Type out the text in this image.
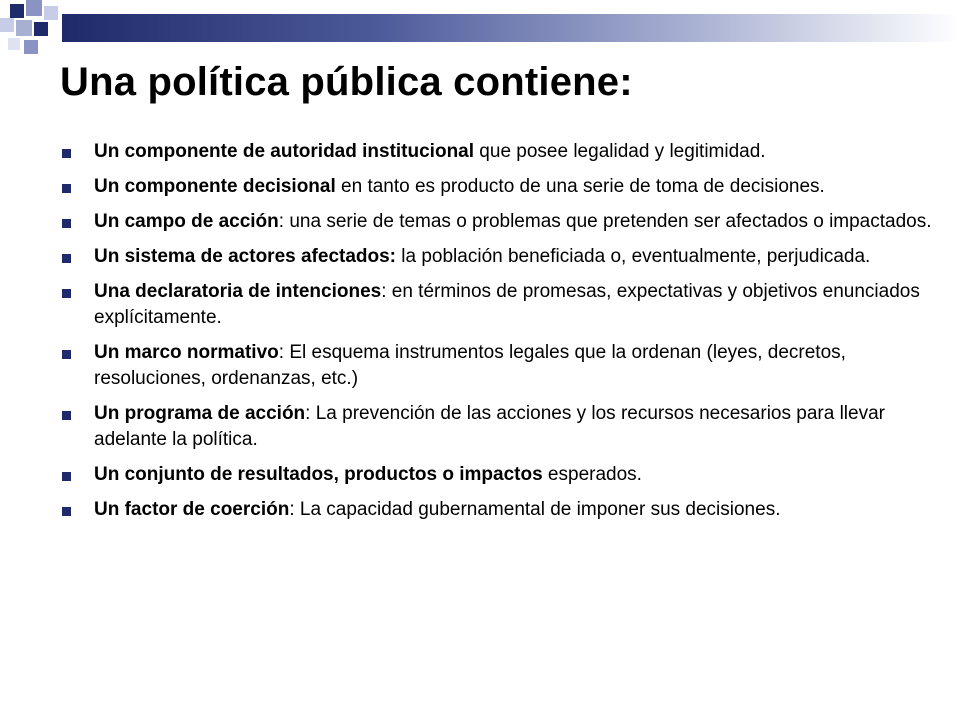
Una política pública contiene:
Un componente de autoridad institucional que posee legalidad y legitimidad.
Un componente decisional en tanto es producto de una serie de toma de decisiones.
Un campo de acción: una serie de temas o problemas que pretenden ser afectados o impactados.
Un sistema de actores afectados: la población beneficiada o, eventualmente, perjudicada.
Una declaratoria de intenciones: en términos de promesas, expectativas y objetivos enunciados explícitamente.
Un marco normativo: El esquema instrumentos legales que la ordenan (leyes, decretos, resoluciones, ordenanzas, etc.)
Un programa de acción: La prevención de las acciones y los recursos necesarios para llevar adelante la política.
Un conjunto de resultados, productos o impactos esperados.
Un factor de coerción: La capacidad gubernamental de imponer sus decisiones.
